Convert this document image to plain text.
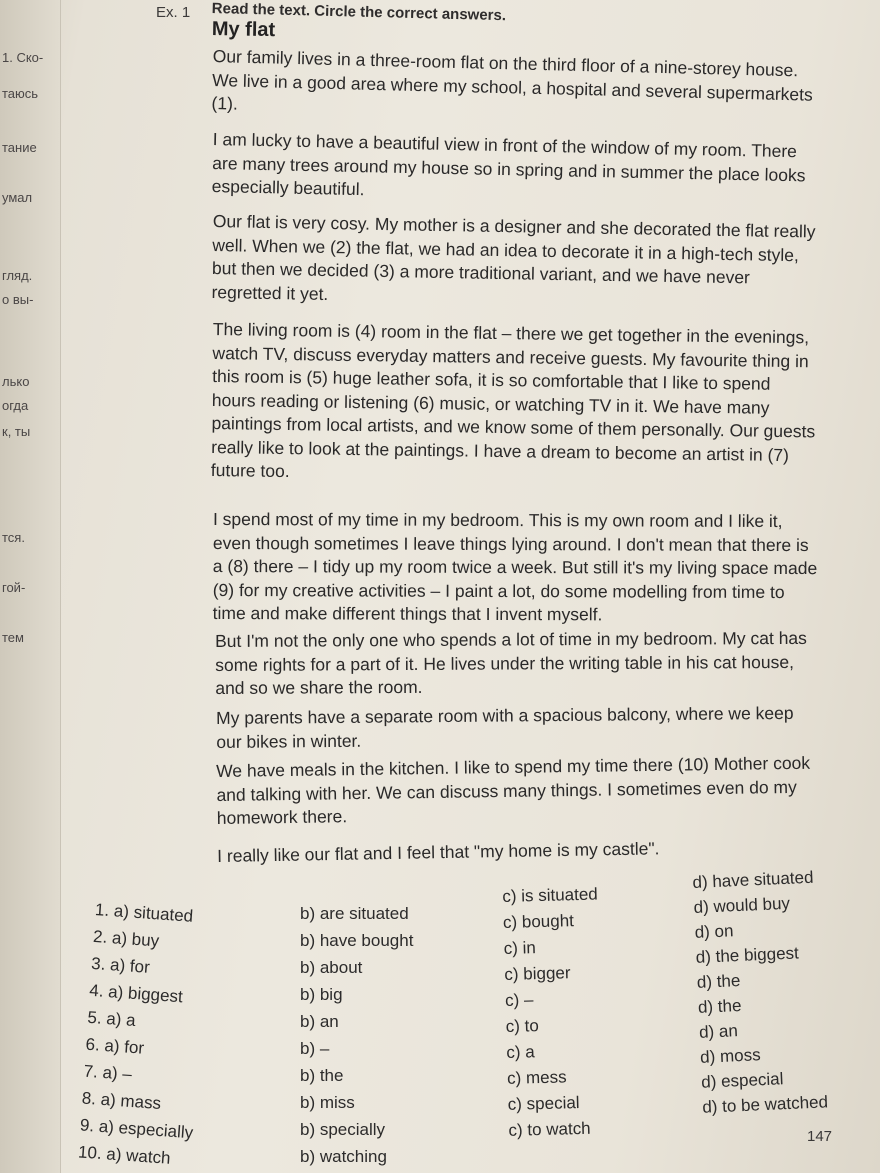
1. Ско-
таюсь
тание
умал
гляд.
о вы-
лько
огда
к, ты
тся.
гой-
тем
Ex. 1 Read the text. Circle the correct answers.
My flat

Our family lives in a three-room flat on the third floor of a nine-storey house. We live in a good area where my school, a hospital and several supermarkets (1).

I am lucky to have a beautiful view in front of the window of my room. There are many trees around my house so in spring and in summer the place looks especially beautiful.

Our flat is very cosy. My mother is a designer and she decorated the flat really well. When we (2) the flat, we had an idea to decorate it in a high-tech style, but then we decided (3) a more traditional variant, and we have never regretted it yet.

The living room is (4) room in the flat – there we get together in the evenings, watch TV, discuss everyday matters and receive guests. My favourite thing in this room is (5) huge leather sofa, it is so comfortable that I like to spend hours reading or listening (6) music, or watching TV in it. We have many paintings from local artists, and we know some of them personally. Our guests really like to look at the paintings. I have a dream to become an artist in (7) future too.

I spend most of my time in my bedroom. This is my own room and I like it, even though sometimes I leave things lying around. I don't mean that there is a (8) there – I tidy up my room twice a week. But still it's my living space made (9) for my creative activities – I paint a lot, do some modelling from time to time and make different things that I invent myself.

But I'm not the only one who spends a lot of time in my bedroom. My cat has some rights for a part of it. He lives under the writing table in his cat house, and so we share the room.

My parents have a separate room with a spacious balcony, where we keep our bikes in winter.

We have meals in the kitchen. I like to spend my time there (10) Mother cook and talking with her. We can discuss many things. I sometimes even do my homework there.

I really like our flat and I feel that "my home is my castle".

1. a) situated
2. a) buy
3. a) for
4. a) biggest
5. a) a
6. a) for
7. a) –
8. a) mass
9. a) especially
10. a) watch
b) are situated
b) have bought
b) about
b) big
b) an
b) –
b) the
b) miss
b) specially
b) watching
c) is situated
c) bought
c) in
c) bigger
c) –
c) to
c) a
c) mess
c) special
c) to watch
d) have situated
d) would buy
d) on
d) the biggest
d) the
d) the
d) an
d) moss
d) especial
d) to be watched
147
